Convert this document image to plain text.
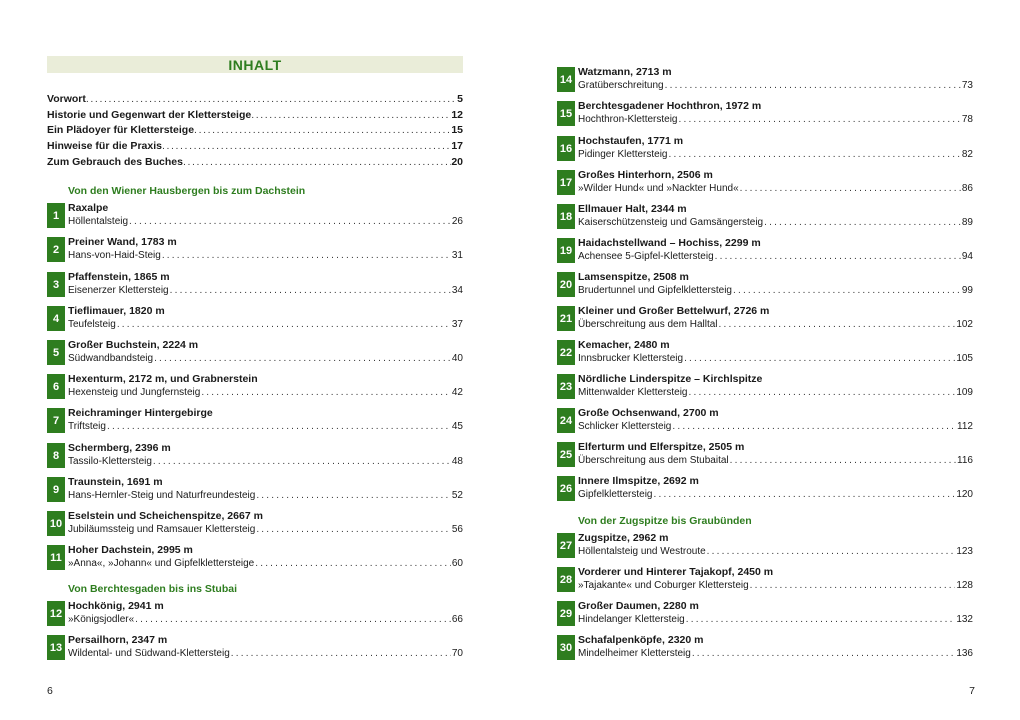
INHALT
Vorwort .....	5
Historie und Gegenwart der Klettersteige .....	12
Ein Plädoyer für Klettersteige .....	15
Hinweise für die Praxis .....	17
Zum Gebrauch des Buches .....	20
Von den Wiener Hausbergen bis zum Dachstein
Von Berchtesgaden bis ins Stubai
1
Raxalpe
Höllentalsteig .....	26
2
Preiner Wand, 1783 m
Hans-von-Haid-Steig .....	31
3
Pfaffenstein, 1865 m
Eisenerzer Klettersteig .....	34
4
Tieflimauer, 1820 m
Teufelsteig .....	37
5
Großer Buchstein, 2224 m
Südwandbandsteig .....	40
6
Hexenturm, 2172 m, und Grabnerstein
Hexensteig und Jungfernsteig .....	42
7
Reichraminger Hintergebirge
Triftsteig .....	45
8
Schermberg, 2396 m
Tassilo-Klettersteig .....	48
9
Traunstein, 1691 m
Hans-Hernler-Steig und Naturfreundesteig .....	52
10
Eselstein und Scheichenspitze, 2667 m
Jubiläumssteig und Ramsauer Klettersteig .....	56
11
Hoher Dachstein, 2995 m
»Anna«, »Johann« und Gipfelklettersteige .....	60
12
Hochkönig, 2941 m
»Königsjodler« .....	66
13
Persailhorn, 2347 m
Wildental- und Südwand-Klettersteig .....	70
6
Von der Zugspitze bis Graubünden
14
Watzmann, 2713 m
Gratüberschreitung .....	73
15
Berchtesgadener Hochthron, 1972 m
Hochthron-Klettersteig .....	78
16
Hochstaufen, 1771 m
Pidinger Klettersteig .....	82
17
Großes Hinterhorn, 2506 m
»Wilder Hund« und »Nackter Hund« .....	86
18
Ellmauer Halt, 2344 m
Kaiserschützensteig und Gamsängersteig .....	89
19
Haidachstellwand – Hochiss, 2299 m
Achensee 5-Gipfel-Klettersteig .....	94
20
Lamsenspitze, 2508 m
Brudertunnel und Gipfelklettersteig .....	99
21
Kleiner und Großer Bettelwurf, 2726 m
Überschreitung aus dem Halltal .....	102
22
Kemacher, 2480 m
Innsbrucker Klettersteig .....	105
23
Nördliche Linderspitze – Kirchlspitze
Mittenwalder Klettersteig .....	109
24
Große Ochsenwand, 2700 m
Schlicker Klettersteig .....	112
25
Elferturm und Elferspitze, 2505 m
Überschreitung aus dem Stubaital .....	116
26
Innere Ilmspitze, 2692 m
Gipfelklettersteig .....	120
27
Zugspitze, 2962 m
Höllentalsteig und Westroute .....	123
28
Vorderer und Hinterer Tajakopf, 2450 m
»Tajakante« und Coburger Klettersteig .....	128
29
Großer Daumen, 2280 m
Hindelanger Klettersteig .....	132
30
Schafalpenköpfe, 2320 m
Mindelheimer Klettersteig .....	136
7
